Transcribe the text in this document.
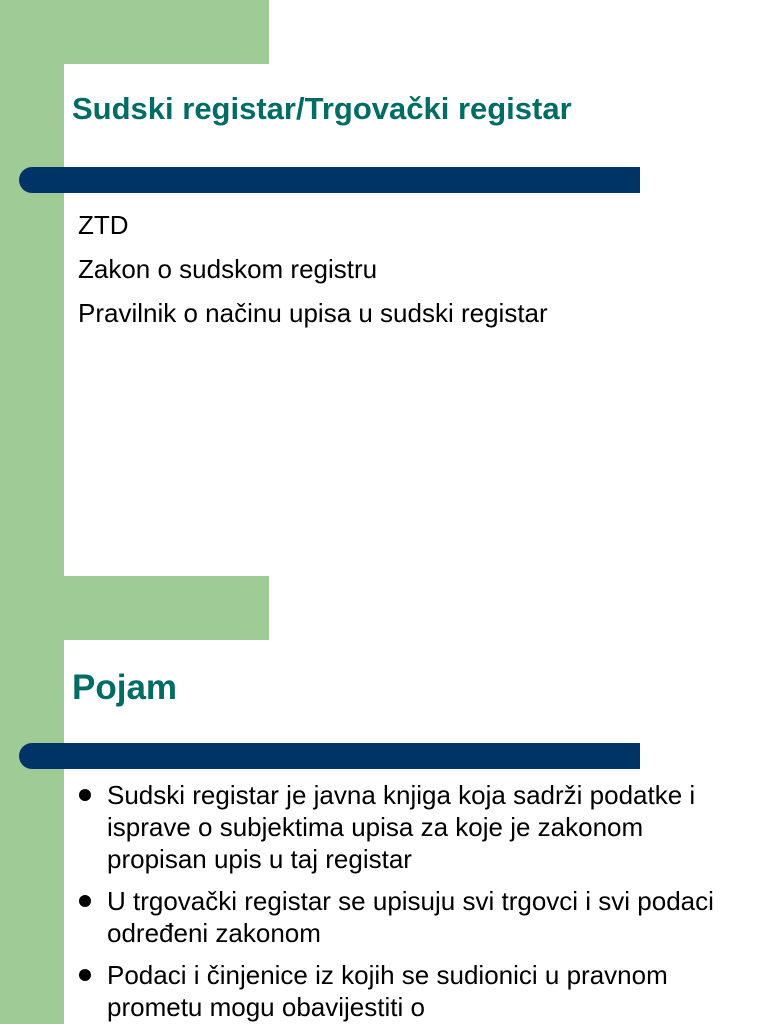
Sudski registar/Trgovački registar
ZTD
Zakon o sudskom registru
Pravilnik o načinu upisa u sudski registar
Pojam
Sudski registar je javna knjiga koja sadrži podatke i isprave o subjektima upisa za koje je zakonom propisan upis u taj registar
U trgovački registar se upisuju svi trgovci i svi podaci određeni zakonom
Podaci i činjenice iz kojih se sudionici u pravnom prometu mogu obavijestiti o
